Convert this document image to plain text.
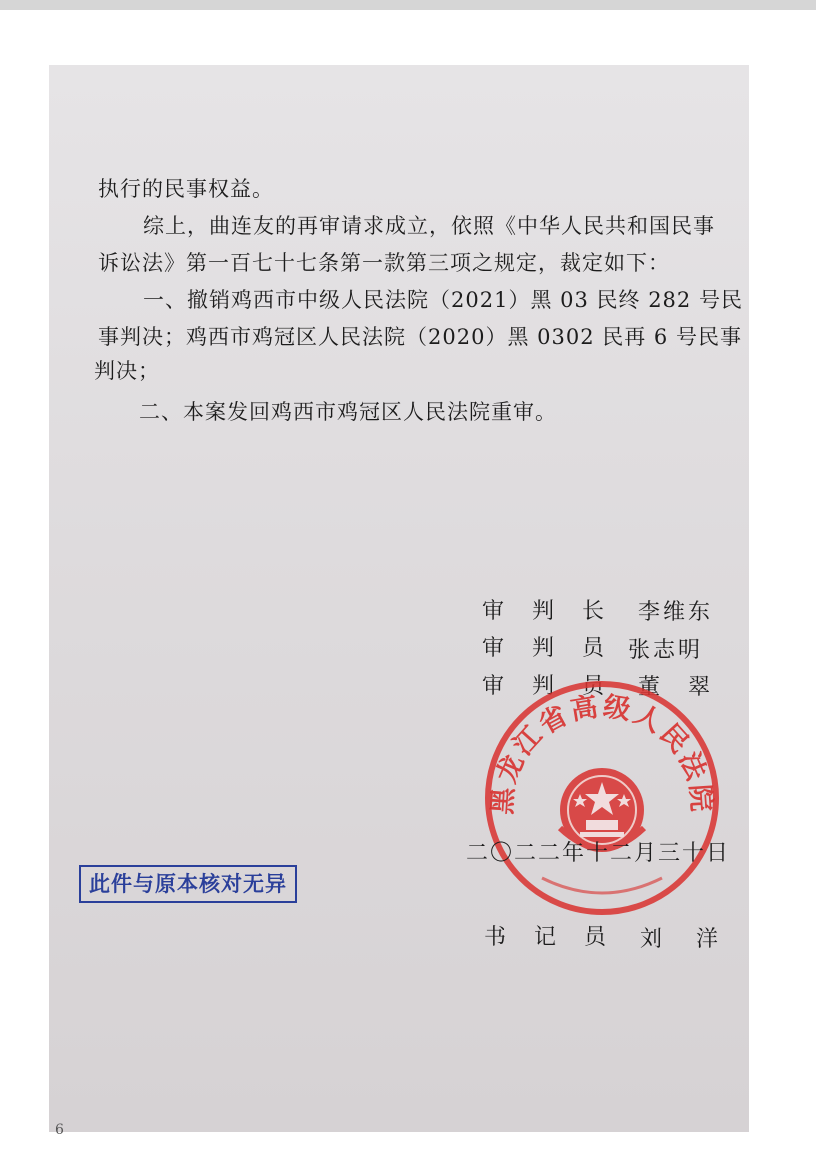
执行的民事权益。
综上，曲连友的再审请求成立，依照《中华人民共和国民事
诉讼法》第一百七十七条第一款第三项之规定，裁定如下：
一、撤销鸡西市中级人民法院（2021）黑 03 民终 282 号民
事判决；鸡西市鸡冠区人民法院（2020）黑 0302 民再 6 号民事
判决；
二、本案发回鸡西市鸡冠区人民法院重审。
审判长 李维东
审判员
张志明
审判员 董　翠
黑龙江省高级人民法院
二〇二二年十二月三十日
此件与原本核对无异
书记员 刘　洋
6
